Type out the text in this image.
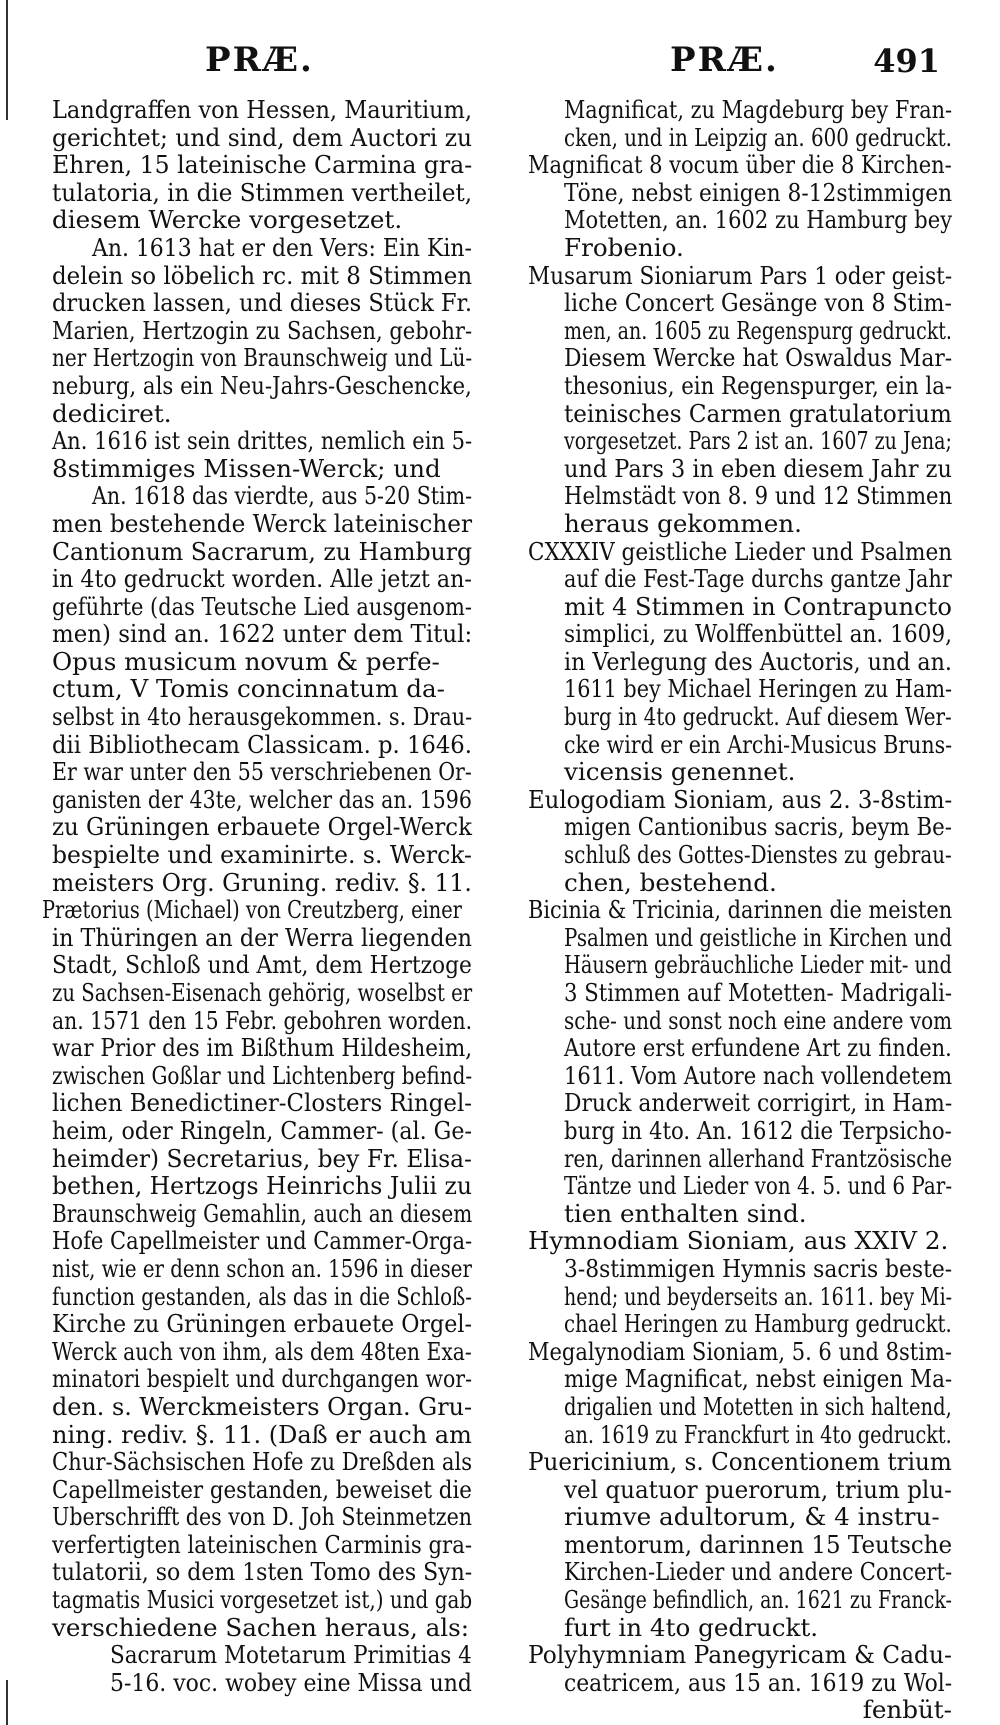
PRÆ.	PRÆ.	491
Landgraffen von Hessen, Mauritium,
gerichtet; und sind, dem Auctori zu
Ehren, 15 lateinische Carmina gra-
tulatoria, in die Stimmen vertheilet,
diesem Wercke vorgesetzet.
An. 1613 hat er den Vers: Ein Kin-
delein so löbelich rc. mit 8 Stimmen
drucken lassen, und dieses Stück Fr.
Marien, Hertzogin zu Sachsen, gebohr-
ner Hertzogin von Braunschweig und Lü-
neburg, als ein Neu-Jahrs-Geschencke,
dediciret.
An. 1616 ist sein drittes, nemlich ein 5-
8stimmiges Missen-Werck; und
An. 1618 das vierdte, aus 5-20 Stim-
men bestehende Werck lateinischer
Cantionum Sacrarum, zu Hamburg
in 4to gedruckt worden. Alle jetzt an-
geführte (das Teutsche Lied ausgenom-
men) sind an. 1622 unter dem Titul:
Opus musicum novum & perfe-
ctum, V Tomis concinnatum da-
selbst in 4to herausgekommen. s. Drau-
dii Bibliothecam Classicam. p. 1646.
Er war unter den 55 verschriebenen Or-
ganisten der 43te, welcher das an. 1596
zu Grüningen erbauete Orgel-Werck
bespielte und examinirte. s. Werck-
meisters Org. Gruning. rediv. §. 11.
Prætorius (Michael) von Creutzberg, einer
in Thüringen an der Werra liegenden
Stadt, Schloß und Amt, dem Hertzoge
zu Sachsen-Eisenach gehörig, woselbst er
an. 1571 den 15 Febr. gebohren worden.
war Prior des im Bißthum Hildesheim,
zwischen Goßlar und Lichtenberg befind-
lichen Benedictiner-Closters Ringel-
heim, oder Ringeln, Cammer- (al. Ge-
heimder) Secretarius, bey Fr. Elisa-
bethen, Hertzogs Heinrichs Julii zu
Braunschweig Gemahlin, auch an diesem
Hofe Capellmeister und Cammer-Orga-
nist, wie er denn schon an. 1596 in dieser
function gestanden, als das in die Schloß-
Kirche zu Grüningen erbauete Orgel-
Werck auch von ihm, als dem 48ten Exa-
minatori bespielt und durchgangen wor-
den. s. Werckmeisters Organ. Gru-
ning. rediv. §. 11. (Daß er auch am
Chur-Sächsischen Hofe zu Dreßden als
Capellmeister gestanden, beweiset die
Uberschrifft des von D. Joh Steinmetzen
verfertigten lateinischen Carminis gra-
tulatorii, so dem 1sten Tomo des Syn-
tagmatis Musici vorgesetzet ist,) und gab
verschiedene Sachen heraus, als:
Sacrarum Motetarum Primitias 4
5-16. voc. wobey eine Missa und
Magnificat, zu Magdeburg bey Fran-
cken, und in Leipzig an. 600 gedruckt.
Magnificat 8 vocum über die 8 Kirchen-
Töne, nebst einigen 8-12stimmigen
Motetten, an. 1602 zu Hamburg bey
Frobenio.
Musarum Sioniarum Pars 1 oder geist-
liche Concert Gesänge von 8 Stim-
men, an. 1605 zu Regenspurg gedruckt.
Diesem Wercke hat Oswaldus Mar-
thesonius, ein Regenspurger, ein la-
teinisches Carmen gratulatorium
vorgesetzet. Pars 2 ist an. 1607 zu Jena;
und Pars 3 in eben diesem Jahr zu
Helmstädt von 8. 9 und 12 Stimmen
heraus gekommen.
CXXXIV geistliche Lieder und Psalmen
auf die Fest-Tage durchs gantze Jahr
mit 4 Stimmen in Contrapuncto
simplici, zu Wolffenbüttel an. 1609,
in Verlegung des Auctoris, und an.
1611 bey Michael Heringen zu Ham-
burg in 4to gedruckt. Auf diesem Wer-
cke wird er ein Archi-Musicus Bruns-
vicensis genennet.
Eulogodiam Sioniam, aus 2. 3-8stim-
migen Cantionibus sacris, beym Be-
schluß des Gottes-Dienstes zu gebrau-
chen, bestehend.
Bicinia & Tricinia, darinnen die meisten
Psalmen und geistliche in Kirchen und
Häusern gebräuchliche Lieder mit- und
3 Stimmen auf Motetten- Madrigali-
sche- und sonst noch eine andere vom
Autore erst erfundene Art zu finden.
1611. Vom Autore nach vollendetem
Druck anderweit corrigirt, in Ham-
burg in 4to. An. 1612 die Terpsicho-
ren, darinnen allerhand Frantzösische
Täntze und Lieder von 4. 5. und 6 Par-
tien enthalten sind.
Hymnodiam Sioniam, aus XXIV 2.
3-8stimmigen Hymnis sacris beste-
hend; und beyderseits an. 1611. bey Mi-
chael Heringen zu Hamburg gedruckt.
Megalynodiam Sioniam, 5. 6 und 8stim-
mige Magnificat, nebst einigen Ma-
drigalien und Motetten in sich haltend,
an. 1619 zu Franckfurt in 4to gedruckt.
Puericinium, s. Concentionem trium
vel quatuor puerorum, trium plu-
riumve adultorum, & 4 instru-
mentorum, darinnen 15 Teutsche
Kirchen-Lieder und andere Concert-
Gesänge befindlich, an. 1621 zu Franck-
furt in 4to gedruckt.
Polyhymniam Panegyricam & Cadu-
ceatricem, aus 15 an. 1619 zu Wol-
fenbüt-
